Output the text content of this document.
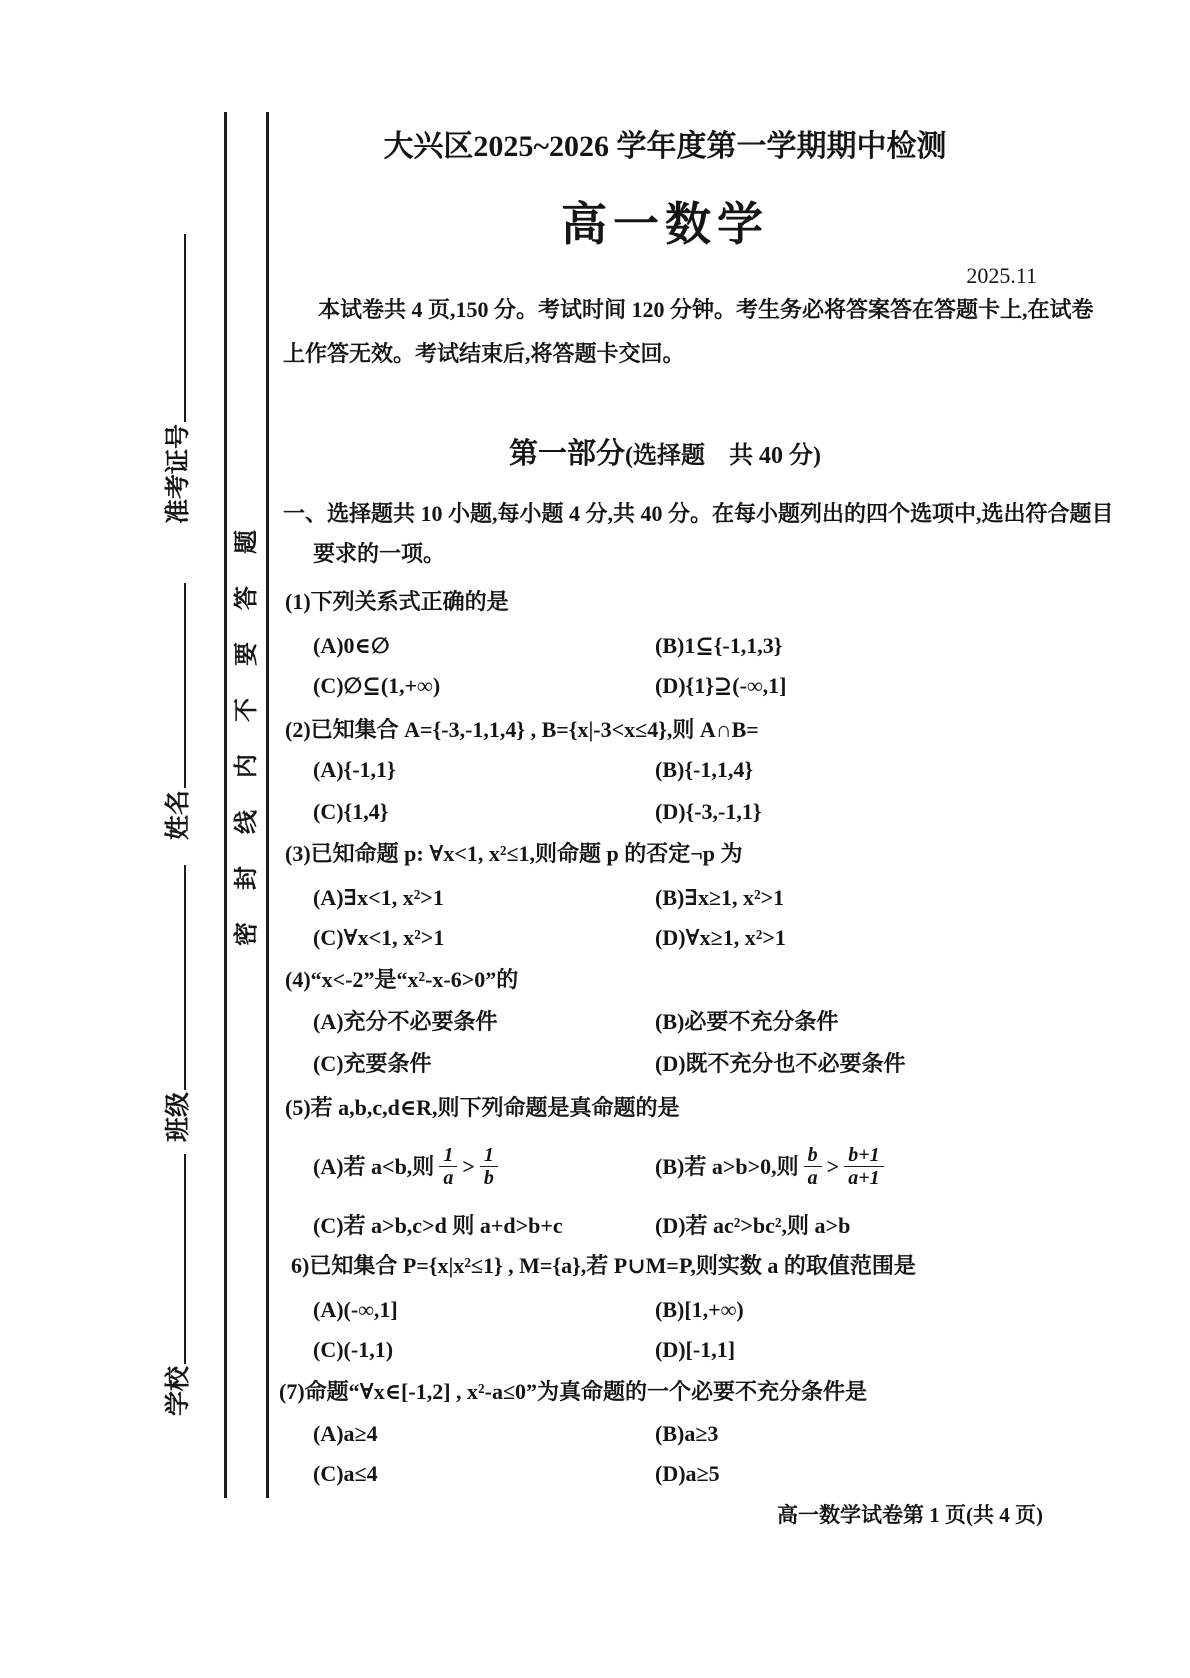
密封线内不要答题
准考证号
姓名
班级
学校
大兴区2025~2026 学年度第一学期期中检测
高一数学
2025.11
本试卷共 4 页,150 分。考试时间 120 分钟。考生务必将答案答在答题卡上,在试卷
上作答无效。考试结束后,将答题卡交回。
第一部分(选择题　共 40 分)
一、选择题共 10 小题,每小题 4 分,共 40 分。在每小题列出的四个选项中,选出符合题目
要求的一项。
(1)下列关系式正确的是
(A)0∈∅	(B)1⊆{-1,1,3}
(C)∅⊆(1,+∞)	(D){1}⊇(-∞,1]
(2)已知集合 A={-3,-1,1,4} , B={x|-3<x≤4},则 A∩B=
(A){-1,1}	(B){-1,1,4}
(C){1,4}	(D){-3,-1,1}
(3)已知命题 p: ∀x<1, x²≤1,则命题 p 的否定¬p 为
(A)∃x<1, x²>1	(B)∃x≥1, x²>1
(C)∀x<1, x²>1	(D)∀x≥1, x²>1
(4)“x<-2”是“x²-x-6>0”的
(A)充分不必要条件	(B)必要不充分条件
(C)充要条件	(D)既不充分也不必要条件
(5)若 a,b,c,d∈R,则下列命题是真命题的是
(A)若 a<b,则 $\frac{1}{a} > \frac{1}{b}$	(B)若 a>b>0,则 $\frac{b}{a} > \frac{b+1}{a+1}$
(C)若 a>b,c>d 则 a+d>b+c	(D)若 ac²>bc²,则 a>b
6)已知集合 P={x|x²≤1} , M={a},若 P∪M=P,则实数 a 的取值范围是
(A)(-∞,1]	(B)[1,+∞)
(C)(-1,1)	(D)[-1,1]
(7)命题“∀x∈[-1,2] , x²-a≤0”为真命题的一个必要不充分条件是
(A)a≥4	(B)a≥3
(C)a≤4	(D)a≥5
高一数学试卷第 1 页(共 4 页)
